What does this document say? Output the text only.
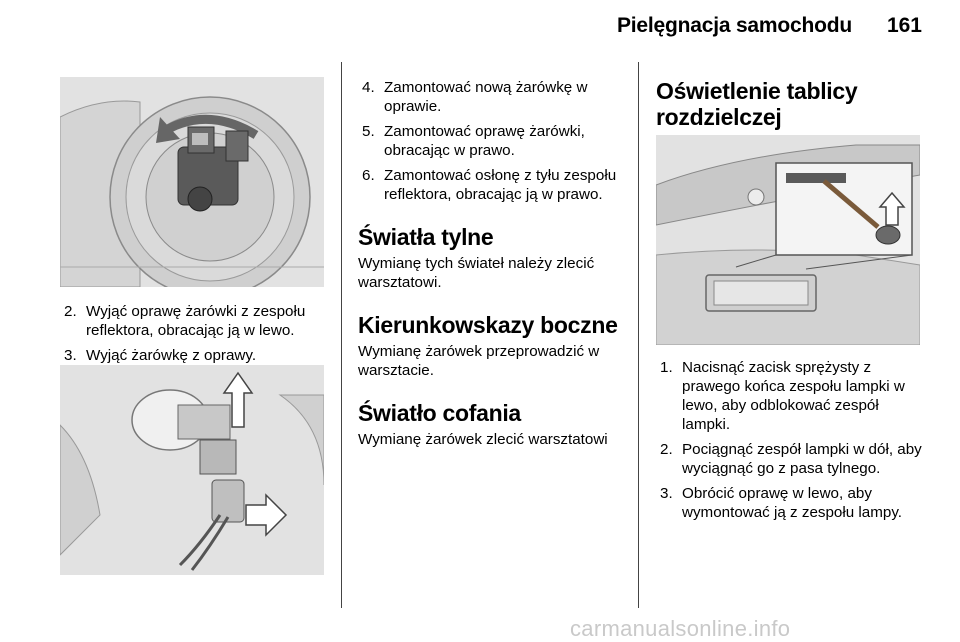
Pielęgnacja samochodu 161
2. Wyjąć oprawę żarówki z zespołu reflektora, obracając ją w lewo.
3. Wyjąć żarówkę z oprawy.
4. Zamontować nową żarówkę w oprawie.
5. Zamontować oprawę żarówki, obracając w prawo.
6. Zamontować osłonę z tyłu zespołu reflektora, obracając ją w prawo.
Światła tylne

Wymianę tych świateł należy zlecić warsztatowi.

Kierunkowskazy boczne

Wymianę żarówek przeprowadzić w warsztacie.

Światło cofania

Wymianę żarówek zlecić warsztatowi

Oświetlenie tablicy rozdzielczej
1. Nacisnąć zacisk sprężysty z prawego końca zespołu lampki w lewo, aby odblokować zespół lampki.
2. Pociągnąć zespół lampki w dół, aby wyciągnąć go z pasa tylnego.
3. Obrócić oprawę w lewo, aby wymontować ją z zespołu lampy.
carmanualsonline.info
